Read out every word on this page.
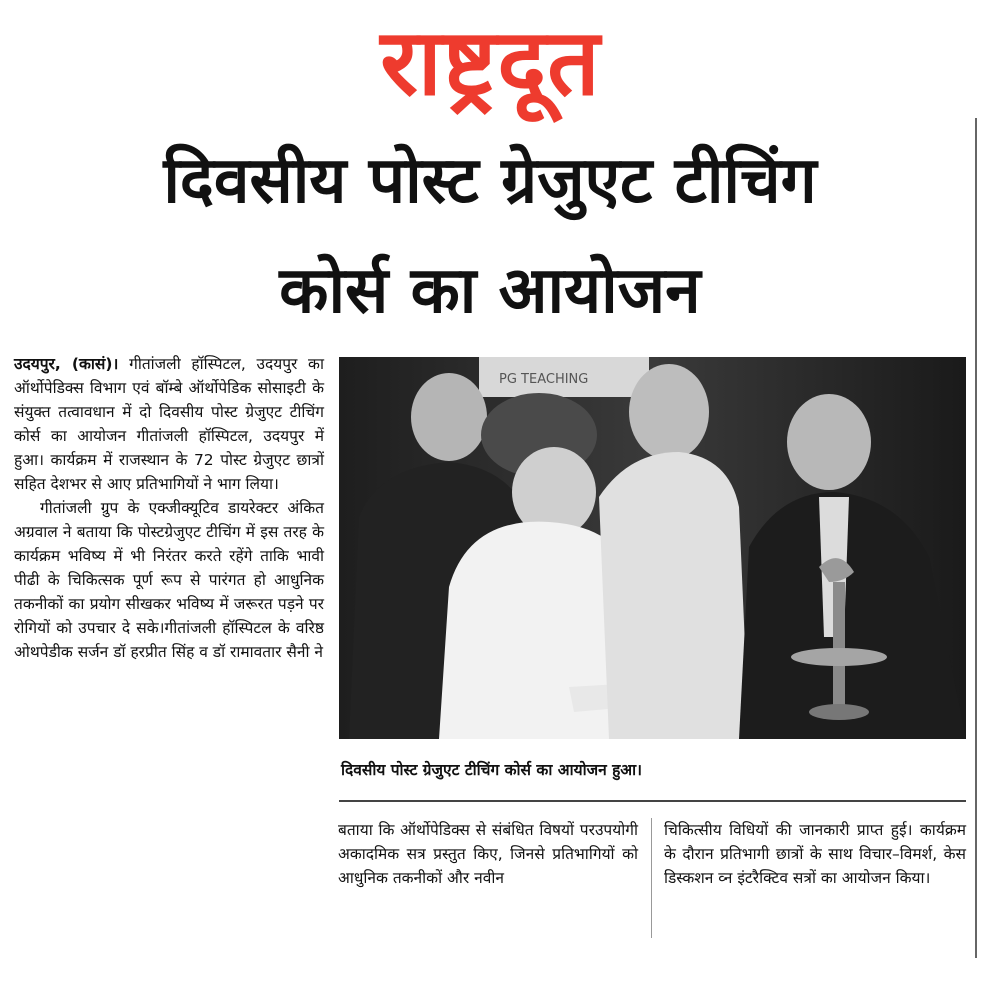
राष्ट्रदूत
दिवसीय पोस्ट ग्रेजुएट टीचिंग
कोर्स का आयोजन

उदयपुर, (कासं)। गीतांजली हॉस्पिटल, उदयपुर का ऑर्थोपेडिक्स विभाग एवं बॉम्बे ऑर्थोपेडिक सोसाइटी के संयुक्त तत्वावधान में दो दिवसीय पोस्ट ग्रेजुएट टीचिंग कोर्स का आयोजन गीतांजली हॉस्पिटल, उदयपुर में हुआ। कार्यक्रम में राजस्थान के 72 पोस्ट ग्रेजुएट छात्रों सहित देशभर से आए प्रतिभागियों ने भाग लिया।

गीतांजली ग्रुप के एक्जीक्यूटिव डायरेक्टर अंकित अग्रवाल ने बताया कि पोस्टग्रेजुएट टीचिंग में इस तरह के कार्यक्रम भविष्य में भी निरंतर करते रहेंगे ताकि भावी पीढी के चिकित्सक पूर्ण रूप से पारंगत हो आधुनिक तकनीकों का प्रयोग सीखकर भविष्य में जरूरत पड़ने पर रोगियों को उपचार दे सके।गीतांजली हॉस्पिटल के वरिष्ठ ओथपेडीक सर्जन डॉ हरप्रीत सिंह व डॉ रामावतार सैनी ने

PG TEACHING
दिवसीय पोस्ट ग्रेजुएट टीचिंग कोर्स का आयोजन हुआ।

बताया कि ऑर्थोपेडिक्स से संबंधित विषयों परउपयोगी अकादमिक सत्र प्रस्तुत किए, जिनसे प्रतिभागियों को आधुनिक तकनीकों और नवीन

चिकित्सीय विधियों की जानकारी प्राप्त हुई। कार्यक्रम के दौरान प्रतिभागी छात्रों के साथ विचार–विमर्श, केस डिस्कशन व्न इंटरैक्टिव सत्रों का आयोजन किया।
